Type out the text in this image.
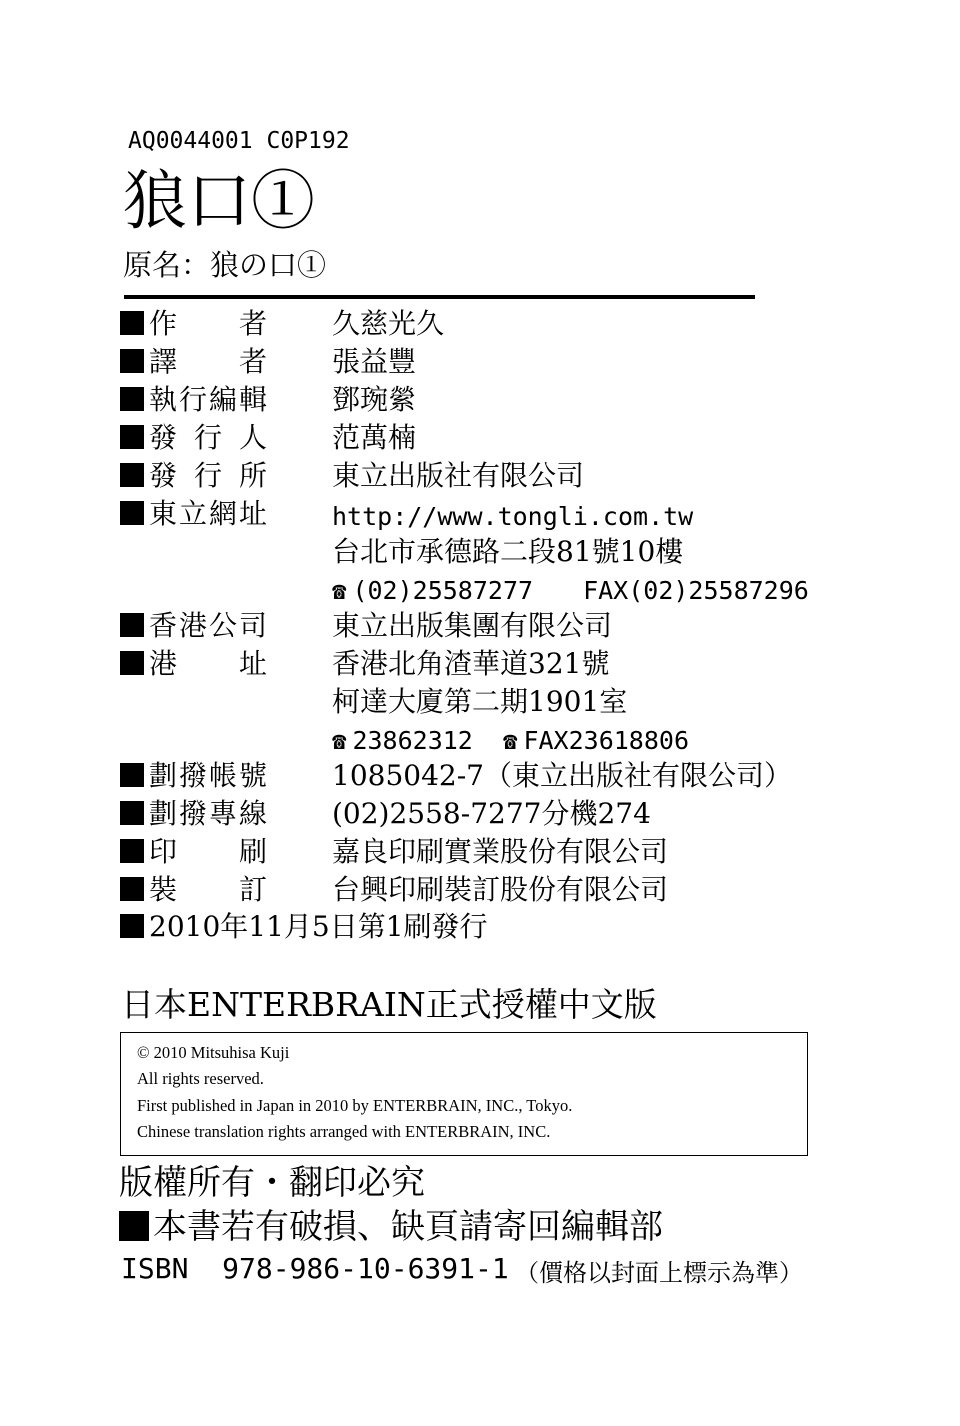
AQ0044001 C0P192
狼口①
原名：狼の口①
作　者 久慈光久
譯　者 張益豐
執行編輯 鄧琬縈
發 行 人 范萬楠
發 行 所 東立出版社有限公司
東立網址	http://www.tongli.com.tw
台北市承德路二段81號10樓
☎ (02)25587277　　FAX(02)25587296
香港公司 東立出版集團有限公司
港　址 香港北角渣華道321號
柯達大廈第二期1901室
☎ 23862312 ☎ FAX23618806
劃撥帳號 1085042-7（東立出版社有限公司）
劃撥專線 (02)2558-7277分機274
印　刷 嘉良印刷實業股份有限公司
裝　訂 台興印刷裝訂股份有限公司
2010年11月5日第1刷發行
日本ENTERBRAIN正式授權中文版
© 2010 Mitsuhisa Kuji
All rights reserved.
First published in Japan in 2010 by ENTERBRAIN, INC., Tokyo.
Chinese translation rights arranged with ENTERBRAIN, INC.
版權所有・翻印必究
本書若有破損、缺頁請寄回編輯部
ISBN  978-986-10-6391-1 （價格以封面上標示為準）
